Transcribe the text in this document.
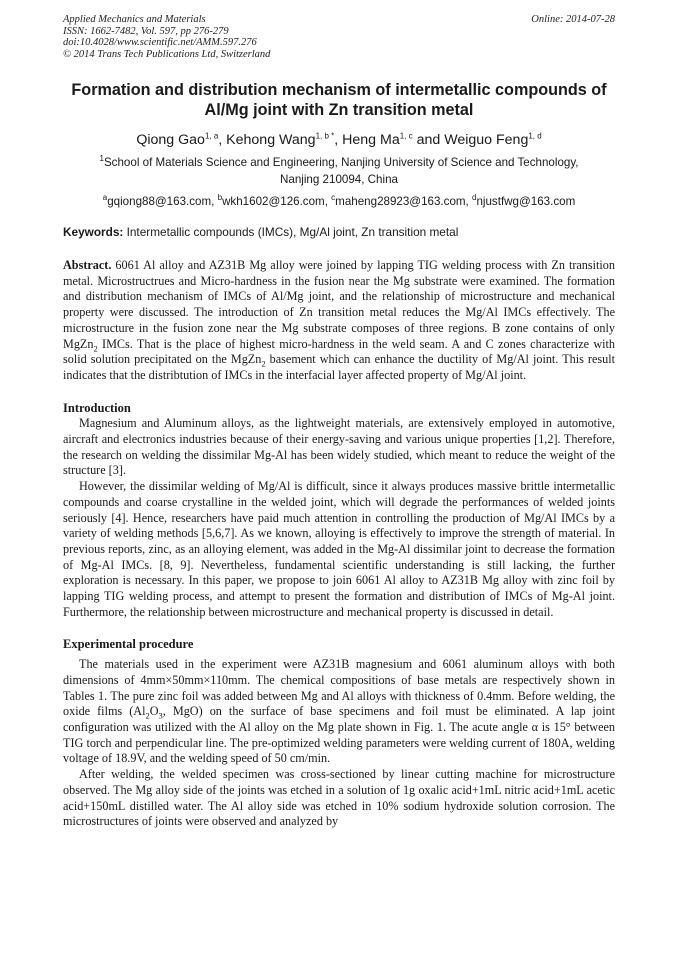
Applied Mechanics and Materials
ISSN: 1662-7482, Vol. 597, pp 276-279
doi:10.4028/www.scientific.net/AMM.597.276
© 2014 Trans Tech Publications Ltd, Switzerland
Online: 2014-07-28
Formation and distribution mechanism of intermetallic compounds of Al/Mg joint with Zn transition metal
Qiong Gao$^{1, a}$, Kehong Wang$^{1, b *}$, Heng Ma$^{1, c}$ and Weiguo Feng$^{1, d}$
$^1$School of Materials Science and Engineering, Nanjing University of Science and Technology,
Nanjing 210094, China
$^a$gqiong88@163.com, $^b$wkh1602@126.com, $^c$maheng28923@163.com, $^d$njustfwg@163.com
Keywords: Intermetallic compounds (IMCs), Mg/Al joint, Zn transition metal

Abstract. 6061 Al alloy and AZ31B Mg alloy were joined by lapping TIG welding process with Zn transition metal. Microstructrues and Micro-hardness in the fusion near the Mg substrate were examined. The formation and distribution mechanism of IMCs of Al/Mg joint, and the relationship of microstructure and mechanical property were discussed. The introduction of Zn transition metal reduces the Mg/Al IMCs effectively. The microstructure in the fusion zone near the Mg substrate composes of three regions. B zone contains of only MgZn$_2$ IMCs. That is the place of highest micro-hardness in the weld seam. A and C zones characterize with solid solution precipitated on the MgZn$_2$ basement which can enhance the ductility of Mg/Al joint. This result indicates that the distribtution of IMCs in the interfacial layer affected property of Mg/Al joint.

Introduction

Magnesium and Aluminum alloys, as the lightweight materials, are extensively employed in automotive, aircraft and electronics industries because of their energy-saving and various unique properties [1,2]. Therefore, the research on welding the dissimilar Mg-Al has been widely studied, which meant to reduce the weight of the structure [3].

However, the dissimilar welding of Mg/Al is difficult, since it always produces massive brittle intermetallic compounds and coarse crystalline in the welded joint, which will degrade the performances of welded joints seriously [4]. Hence, researchers have paid much attention in controlling the production of Mg/Al IMCs by a variety of welding methods [5,6,7]. As we known, alloying is effectively to improve the strength of material. In previous reports, zinc, as an alloying element, was added in the Mg-Al dissimilar joint to decrease the formation of Mg-Al IMCs. [8, 9]. Nevertheless, fundamental scientific understanding is still lacking, the further exploration is necessary. In this paper, we propose to join 6061 Al alloy to AZ31B Mg alloy with zinc foil by lapping TIG welding process, and attempt to present the formation and distribution of IMCs of Mg-Al joint. Furthermore, the relationship between microstructure and mechanical property is discussed in detail.

Experimental procedure

The materials used in the experiment were AZ31B magnesium and 6061 aluminum alloys with both dimensions of 4mm×50mm×110mm. The chemical compositions of base metals are respectively shown in Tables 1. The pure zinc foil was added between Mg and Al alloys with thickness of 0.4mm. Before welding, the oxide films ($Al_2O_3$, MgO) on the surface of base specimens and foil must be eliminated. A lap joint configuration was utilized with the Al alloy on the Mg plate shown in Fig. 1. The acute angle α is 15° between TIG torch and perpendicular line. The pre-optimized welding parameters were welding current of 180A, welding voltage of 18.9V, and the welding speed of 50 cm/min.

After welding, the welded specimen was cross-sectioned by linear cutting machine for microstructure observed. The Mg alloy side of the joints was etched in a solution of 1g oxalic acid+1mL nitric acid+1mL acetic acid+150mL distilled water. The Al alloy side was etched in 10% sodium hydroxide solution corrosion. The microstructures of joints were observed and analyzed by
